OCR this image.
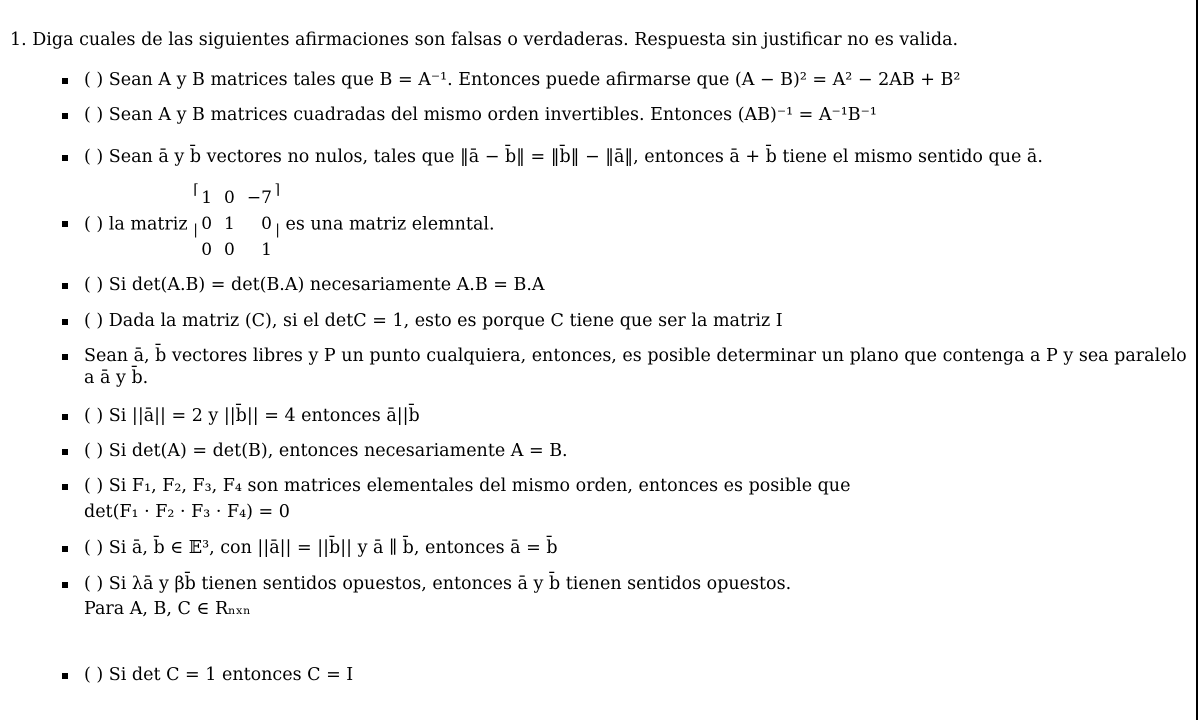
1. Diga cuales de las siguientes afirmaciones son falsas o verdaderas. Respuesta sin justificar no es valida.
( ) Sean A y B matrices tales que B = A⁻¹. Entonces puede afirmarse que (A − B)² = A² − 2AB + B²
( ) Sean A y B matrices cuadradas del mismo orden invertibles. Entonces (AB)⁻¹ = A⁻¹B⁻¹
( ) Sean ā y b̄ vectores no nulos, tales que ‖ā − b̄‖ = ‖b̄‖ − ‖ā‖, entonces ā + b̄ tiene el mismo sentido que ā.
( ) la matriz
⌈
|
1	0	−7
0	1	0
0	0	1
⌉
| es una matriz elemntal.
( ) Si det(A.B) = det(B.A) necesariamente A.B = B.A
( ) Dada la matriz (C), si el detC = 1, esto es porque C tiene que ser la matriz I
Sean ā, b̄ vectores libres y P un punto cualquiera, entonces, es posible determinar un plano que contenga a P y sea paralelo a ā y b̄.
( ) Si ||ā|| = 2 y ||b̄|| = 4 entonces ā||b̄
( ) Si det(A) = det(B), entonces necesariamente A = B.
( ) Si F₁, F₂, F₃, F₄ son matrices elementales del mismo orden, entonces es posible que
det(F₁ · F₂ · F₃ · F₄) = 0
( ) Si ā, b̄ ∈ 𝔼³, con ||ā|| = ||b̄|| y ā ∥ b̄, entonces ā = b̄
( ) Si λā y βb̄ tienen sentidos opuestos, entonces ā y b̄ tienen sentidos opuestos.
Para A, B, C ∈ Rₙₓₙ
( ) Si det C = 1 entonces C = I
